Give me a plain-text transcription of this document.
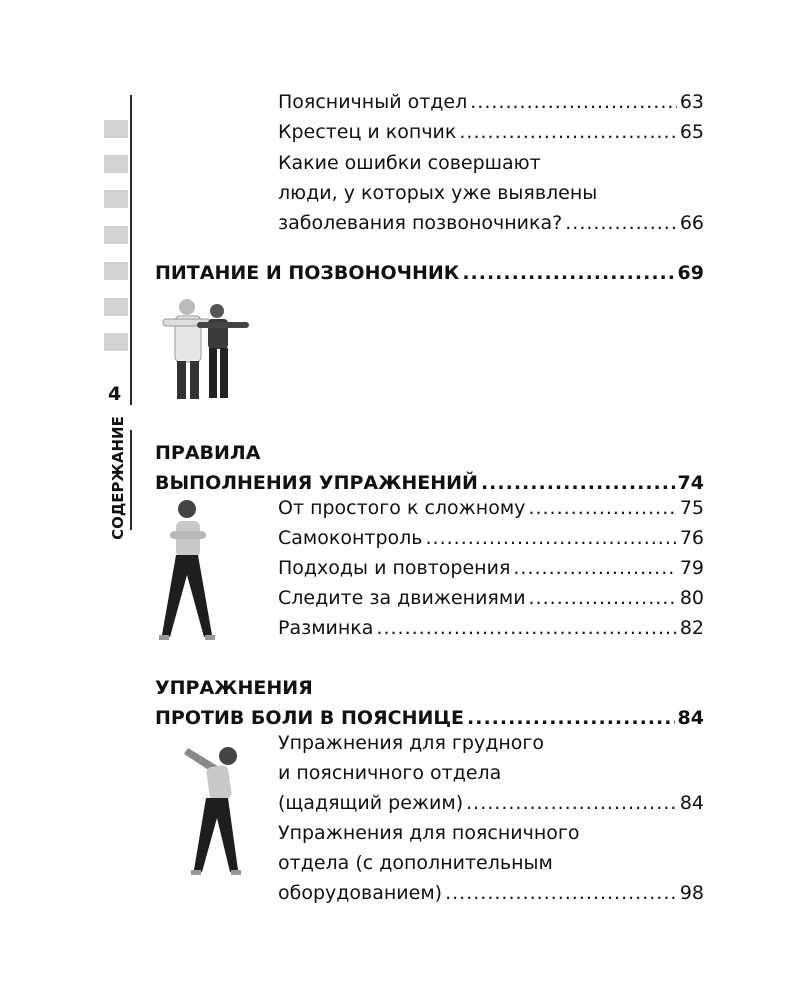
4
СОДЕРЖАНИЕ
Поясничный отдел .....	63
Крестец и копчик .....	65
Какие ошибки совершают
люди, у которых уже выявлены
заболевания позвоночника? .....	66
ПИТАНИЕ И ПОЗВОНОЧНИК .....	69
ПРАВИЛА
ВЫПОЛНЕНИЯ УПРАЖНЕНИЙ .....	74
От простого к сложному .....	75
Самоконтроль .....	76
Подходы и повторения .....	79
Следите за движениями .....	80
Разминка .....	82
УПРАЖНЕНИЯ
ПРОТИВ БОЛИ В ПОЯСНИЦЕ .....	84
Упражнения для грудного
и поясничного отдела
(щадящий режим) .....	84
Упражнения для поясничного
отдела (с дополнительным
оборудованием) .....	98
